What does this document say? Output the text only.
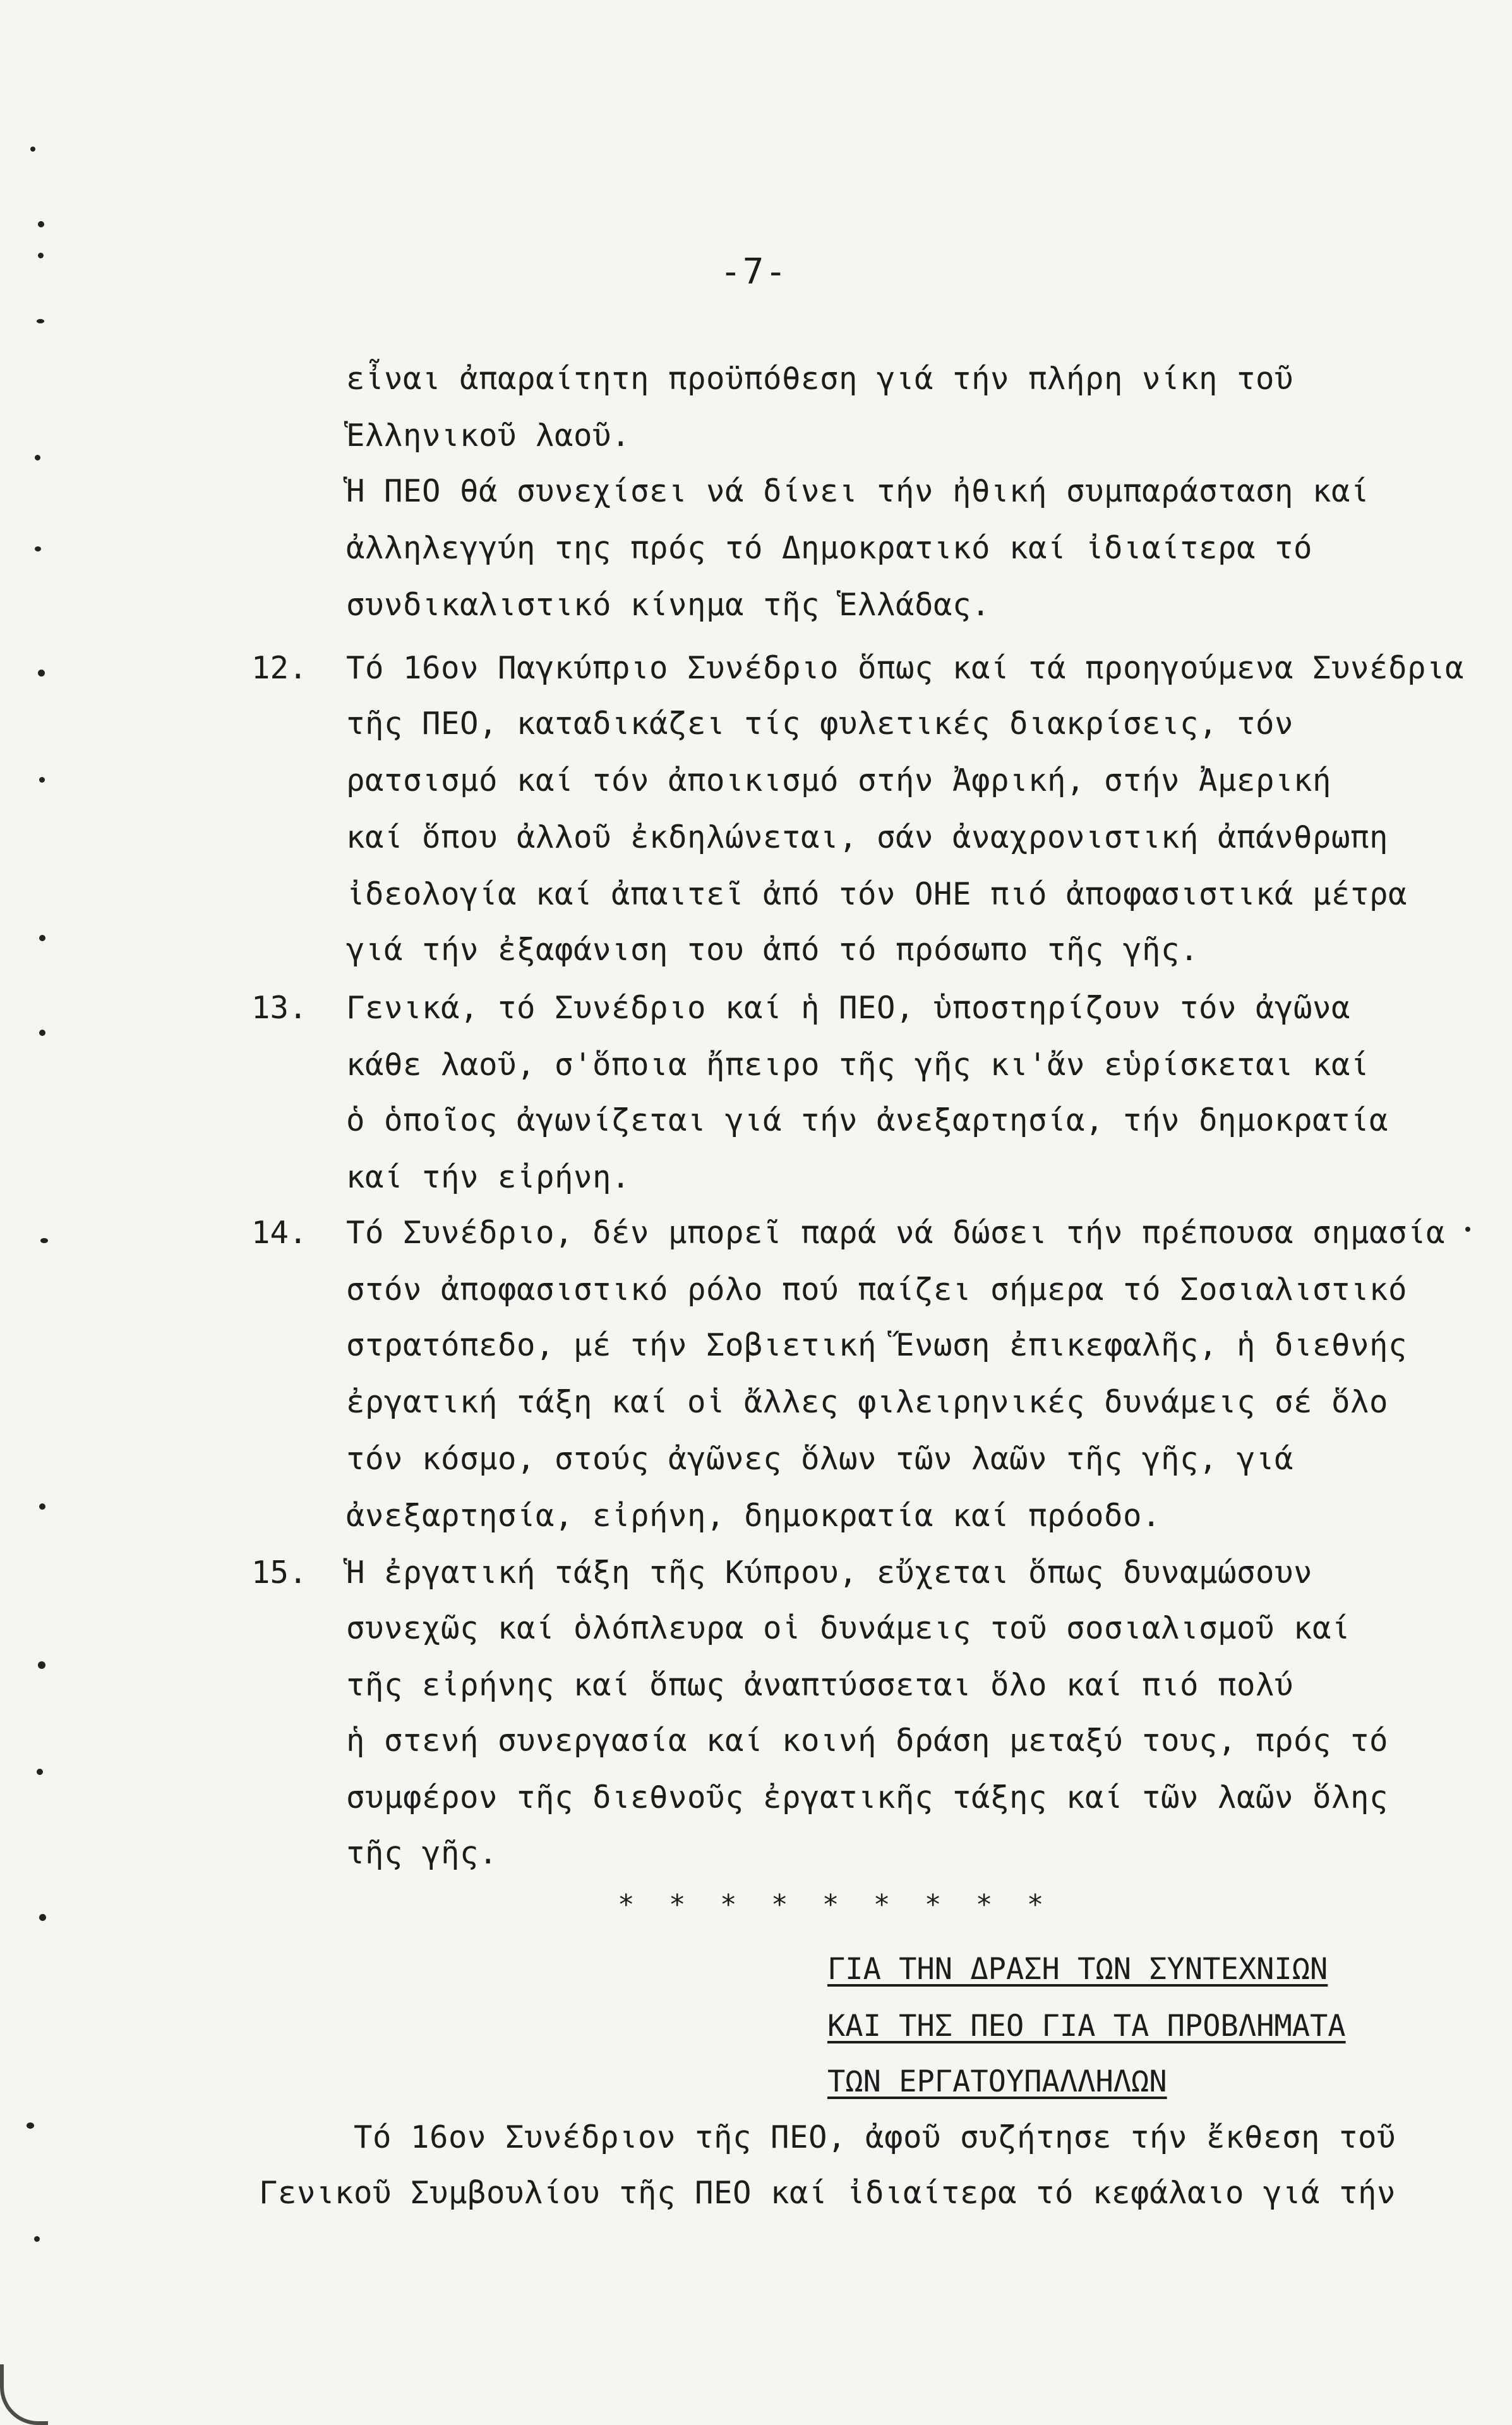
-7-
εἶναι ἀπαραίτητη προϋπόθεση γιά τήν πλήρη νίκη τοῦ
Ἑλληνικοῦ λαοῦ.
Ἡ ΠΕΟ θά συνεχίσει νά δίνει τήν ἠθική συμπαράσταση καί
ἀλληλεγγύη της πρός τό Δημοκρατικό καί ἰδιαίτερα τό
συνδικαλιστικό κίνημα τῆς Ἑλλάδας.
12. Τό 16ον Παγκύπριο Συνέδριο ὅπως καί τά προηγούμενα Συνέδρια
τῆς ΠΕΟ, καταδικάζει τίς φυλετικές διακρίσεις, τόν
ρατσισμό καί τόν ἀποικισμό στήν Ἀφρική, στήν Ἀμερική
καί ὅπου ἀλλοῦ ἐκδηλώνεται, σάν ἀναχρονιστική ἀπάνθρωπη
ἰδεολογία καί ἀπαιτεῖ ἀπό τόν ΟΗΕ πιό ἀποφασιστικά μέτρα
γιά τήν ἐξαφάνιση του ἀπό τό πρόσωπο τῆς γῆς.
13. Γενικά, τό Συνέδριο καί ἡ ΠΕΟ, ὑποστηρίζουν τόν ἀγῶνα
κάθε λαοῦ, σ'ὅποια ἤπειρο τῆς γῆς κι'ἄν εὑρίσκεται καί
ὁ ὁποῖος ἀγωνίζεται γιά τήν ἀνεξαρτησία, τήν δημοκρατία
καί τήν εἰρήνη.
14. Τό Συνέδριο, δέν μπορεῖ παρά νά δώσει τήν πρέπουσα σημασία
στόν ἀποφασιστικό ρόλο πού παίζει σήμερα τό Σοσιαλιστικό
στρατόπεδο, μέ τήν Σοβιετική Ἕνωση ἐπικεφαλῆς, ἡ διεθνής
ἐργατική τάξη καί οἱ ἄλλες φιλειρηνικές δυνάμεις σέ ὅλο
τόν κόσμο, στούς ἀγῶνες ὅλων τῶν λαῶν τῆς γῆς, γιά
ἀνεξαρτησία, εἰρήνη, δημοκρατία καί πρόοδο.
15. Ἡ ἐργατική τάξη τῆς Κύπρου, εὔχεται ὅπως δυναμώσουν
συνεχῶς καί ὁλόπλευρα οἱ δυνάμεις τοῦ σοσιαλισμοῦ καί
τῆς εἰρήνης καί ὅπως ἀναπτύσσεται ὅλο καί πιό πολύ
ἡ στενή συνεργασία καί κοινή δράση μεταξύ τους, πρός τό
συμφέρον τῆς διεθνοῦς ἐργατικῆς τάξης καί τῶν λαῶν ὅλης
τῆς γῆς.
* * * * * * * * *
ΓΙΑ ΤΗΝ ΔΡΑΣΗ ΤΩΝ ΣΥΝΤΕΧΝΙΩΝ
ΚΑΙ ΤΗΣ ΠΕΟ ΓΙΑ ΤΑ ΠΡΟΒΛΗΜΑΤΑ
ΤΩΝ ΕΡΓΑΤΟΥΠΑΛΛΗΛΩΝ
Τό 16ον Συνέδριον τῆς ΠΕΟ, ἀφοῦ συζήτησε τήν ἔκθεση τοῦ
Γενικοῦ Συμβουλίου τῆς ΠΕΟ καί ἰδιαίτερα τό κεφάλαιο γιά τήν
